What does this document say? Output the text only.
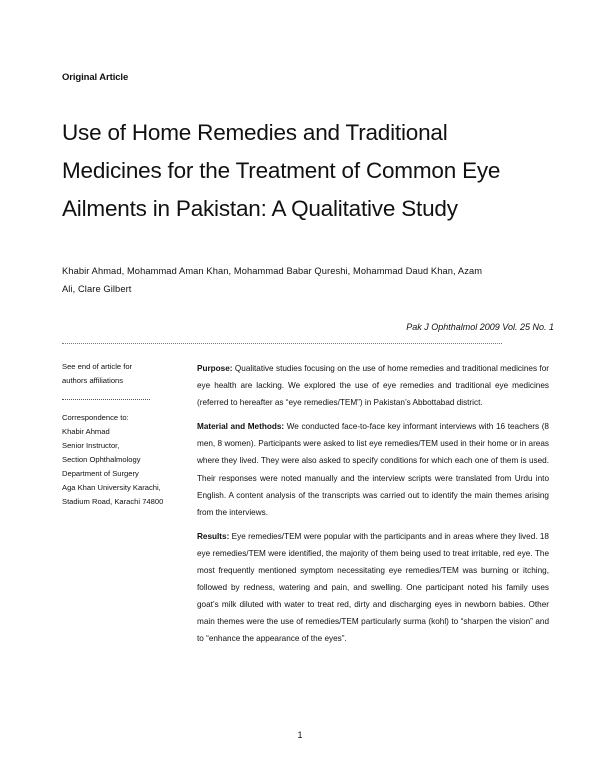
Original Article
Use of Home Remedies and Traditional
Medicines for the Treatment of Common Eye
Ailments in Pakistan: A Qualitative Study
Khabir Ahmad, Mohammad Aman Khan, Mohammad Babar Qureshi, Mohammad Daud Khan, Azam
Ali, Clare Gilbert
Pak J Ophthalmol 2009 Vol. 25 No. 1
See end of article for
authors affiliations
Correspondence to:
Khabir Ahmad
Senior Instructor,
Section Ophthalmology
Department of Surgery
Aga Khan University Karachi,
Stadium Road, Karachi 74800

Purpose: Qualitative studies focusing on the use of home remedies and traditional medicines for eye health are lacking. We explored the use of eye remedies and traditional eye medicines (referred to hereafter as “eye remedies/TEM”) in Pakistan’s Abbottabad district.

Material and Methods: We conducted face-to-face key informant interviews with 16 teachers (8 men, 8 women). Participants were asked to list eye remedies/TEM used in their home or in areas where they lived. They were also asked to specify conditions for which each one of them is used. Their responses were noted manually and the interview scripts were translated from Urdu into English. A content analysis of the transcripts was carried out to identify the main themes arising from the interviews.

Results: Eye remedies/TEM were popular with the participants and in areas where they lived. 18 eye remedies/TEM were identified, the majority of them being used to treat irritable, red eye. The most frequently mentioned symptom necessitating eye remedies/TEM was burning or itching, followed by redness, watering and pain, and swelling. One participant noted his family uses goat’s milk diluted with water to treat red, dirty and discharging eyes in newborn babies. Other main themes were the use of remedies/TEM particularly surma (kohl) to “sharpen the vision” and to “enhance the appearance of the eyes”.

1
